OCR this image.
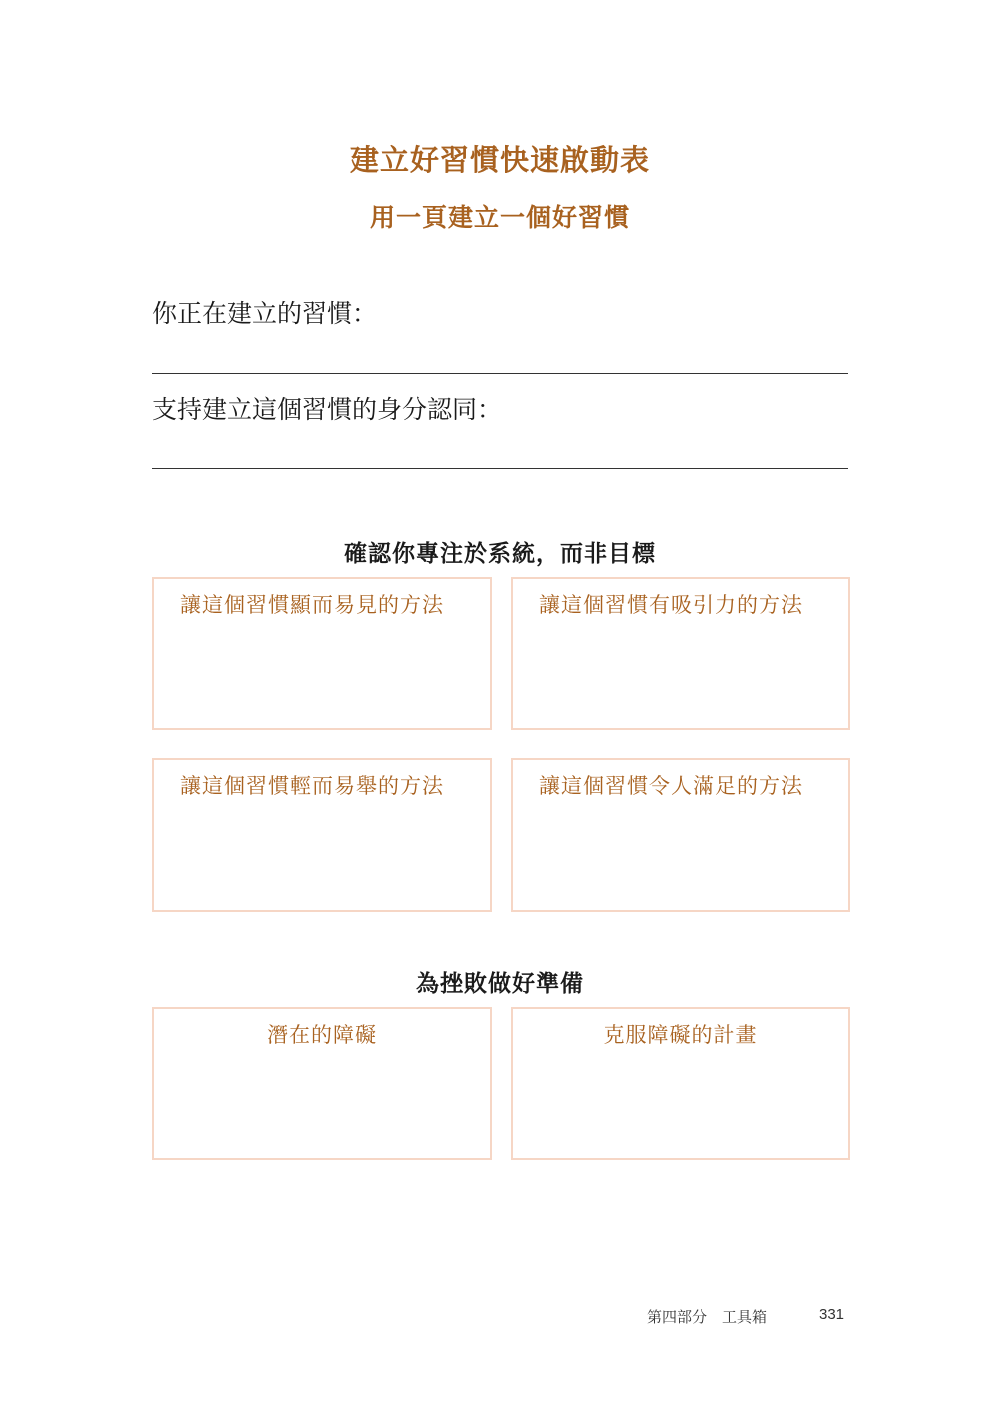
建立好習慣快速啟動表
用一頁建立一個好習慣
你正在建立的習慣：
支持建立這個習慣的身分認同：
確認你專注於系統，而非目標
讓這個習慣顯而易見的方法	讓這個習慣有吸引力的方法
讓這個習慣輕而易舉的方法	讓這個習慣令人滿足的方法
為挫敗做好準備
潛在的障礙	克服障礙的計畫
第四部分　工具箱	331
